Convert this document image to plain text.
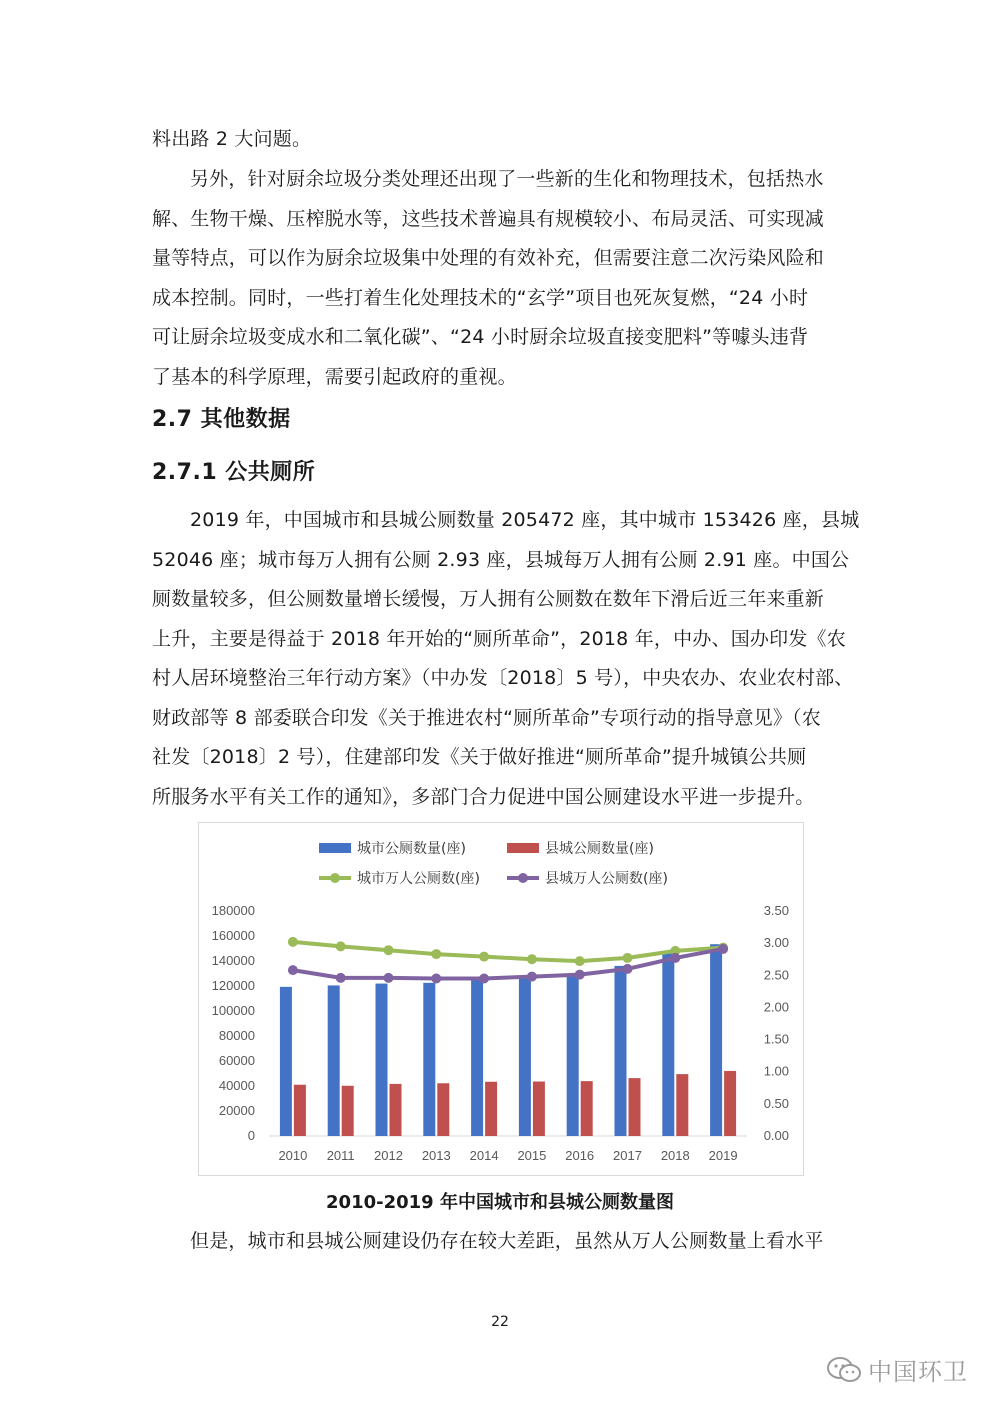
料出路 2 大问题。
另外，针对厨余垃圾分类处理还出现了一些新的生化和物理技术，包括热水
解、生物干燥、压榨脱水等，这些技术普遍具有规模较小、布局灵活、可实现减
量等特点，可以作为厨余垃圾集中处理的有效补充，但需要注意二次污染风险和
成本控制。同时，一些打着生化处理技术的“玄学”项目也死灰复燃，“24 小时
可让厨余垃圾变成水和二氧化碳”、“24 小时厨余垃圾直接变肥料”等噱头违背
了基本的科学原理，需要引起政府的重视。
2.7 其他数据
2.7.1 公共厕所
2019 年，中国城市和县城公厕数量 205472 座，其中城市 153426 座，县城
52046 座；城市每万人拥有公厕 2.93 座，县城每万人拥有公厕 2.91 座。中国公
厕数量较多，但公厕数量增长缓慢，万人拥有公厕数在数年下滑后近三年来重新
上升，主要是得益于 2018 年开始的“厕所革命”，2018 年，中办、国办印发《农
村人居环境整治三年行动方案》（中办发〔2018〕5 号），中央农办、农业农村部、
财政部等 8 部委联合印发《关于推进农村“厕所革命”专项行动的指导意见》（农
社发〔2018〕2 号），住建部印发《关于做好推进“厕所革命”提升城镇公共厕
所服务水平有关工作的通知》，多部门合力促进中国公厕建设水平进一步提升。
0
20000
40000
60000
80000
100000
120000
140000
160000
180000
0.00
0.50
1.00
1.50
2.00
2.50
3.00
3.50
2010 2011 2012 2013 2014 2015 2016 2017 2018 2019
城市公厕数量(座)	县城公厕数量(座)
城市万人公厕数(座)	县城万人公厕数(座)

2010-2019 年中国城市和县城公厕数量图

但是，城市和县城公厕建设仍存在较大差距，虽然从万人公厕数量上看水平
22
中国环卫
